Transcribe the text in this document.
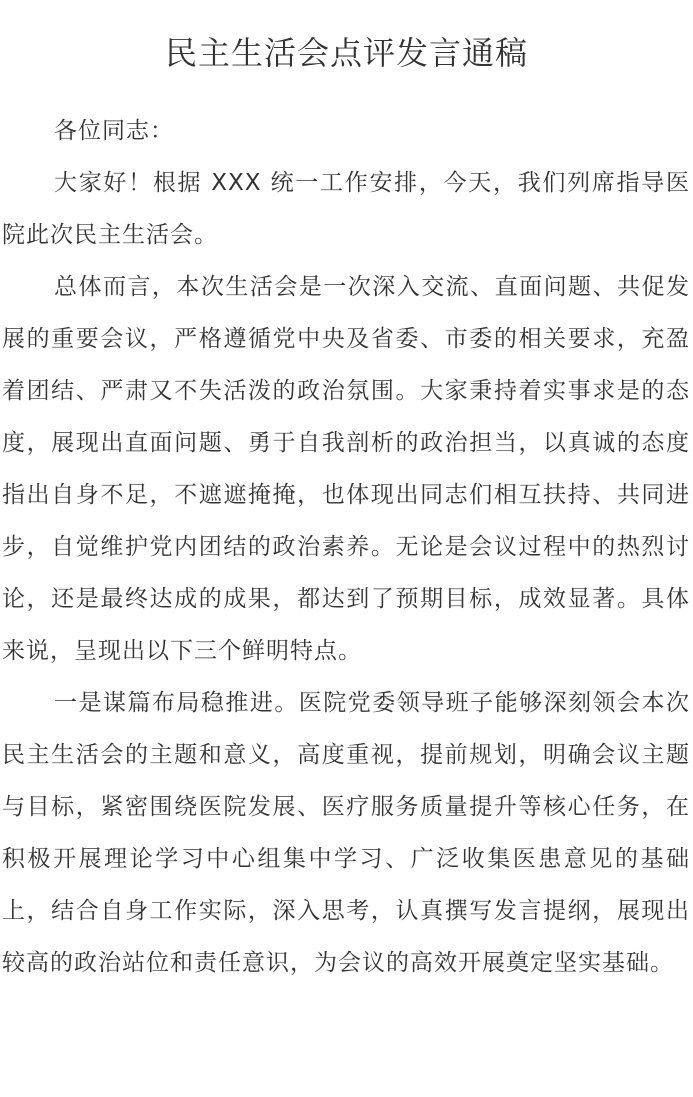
民主生活会点评发言通稿

各位同志：

大家好！根据 XXX 统一工作安排，今天，我们列席指导医院此次民主生活会。

总体而言，本次生活会是一次深入交流、直面问题、共促发展的重要会议，严格遵循党中央及省委、市委的相关要求，充盈着团结、严肃又不失活泼的政治氛围。大家秉持着实事求是的态度，展现出直面问题、勇于自我剖析的政治担当，以真诚的态度指出自身不足，不遮遮掩掩，也体现出同志们相互扶持、共同进步，自觉维护党内团结的政治素养。无论是会议过程中的热烈讨论，还是最终达成的成果，都达到了预期目标，成效显著。具体来说，呈现出以下三个鲜明特点。

一是谋篇布局稳推进。医院党委领导班子能够深刻领会本次民主生活会的主题和意义，高度重视，提前规划，明确会议主题与目标，紧密围绕医院发展、医疗服务质量提升等核心任务，在积极开展理论学习中心组集中学习、广泛收集医患意见的基础上，结合自身工作实际，深入思考，认真撰写发言提纲，展现出较高的政治站位和责任意识，为会议的高效开展奠定坚实基础。
